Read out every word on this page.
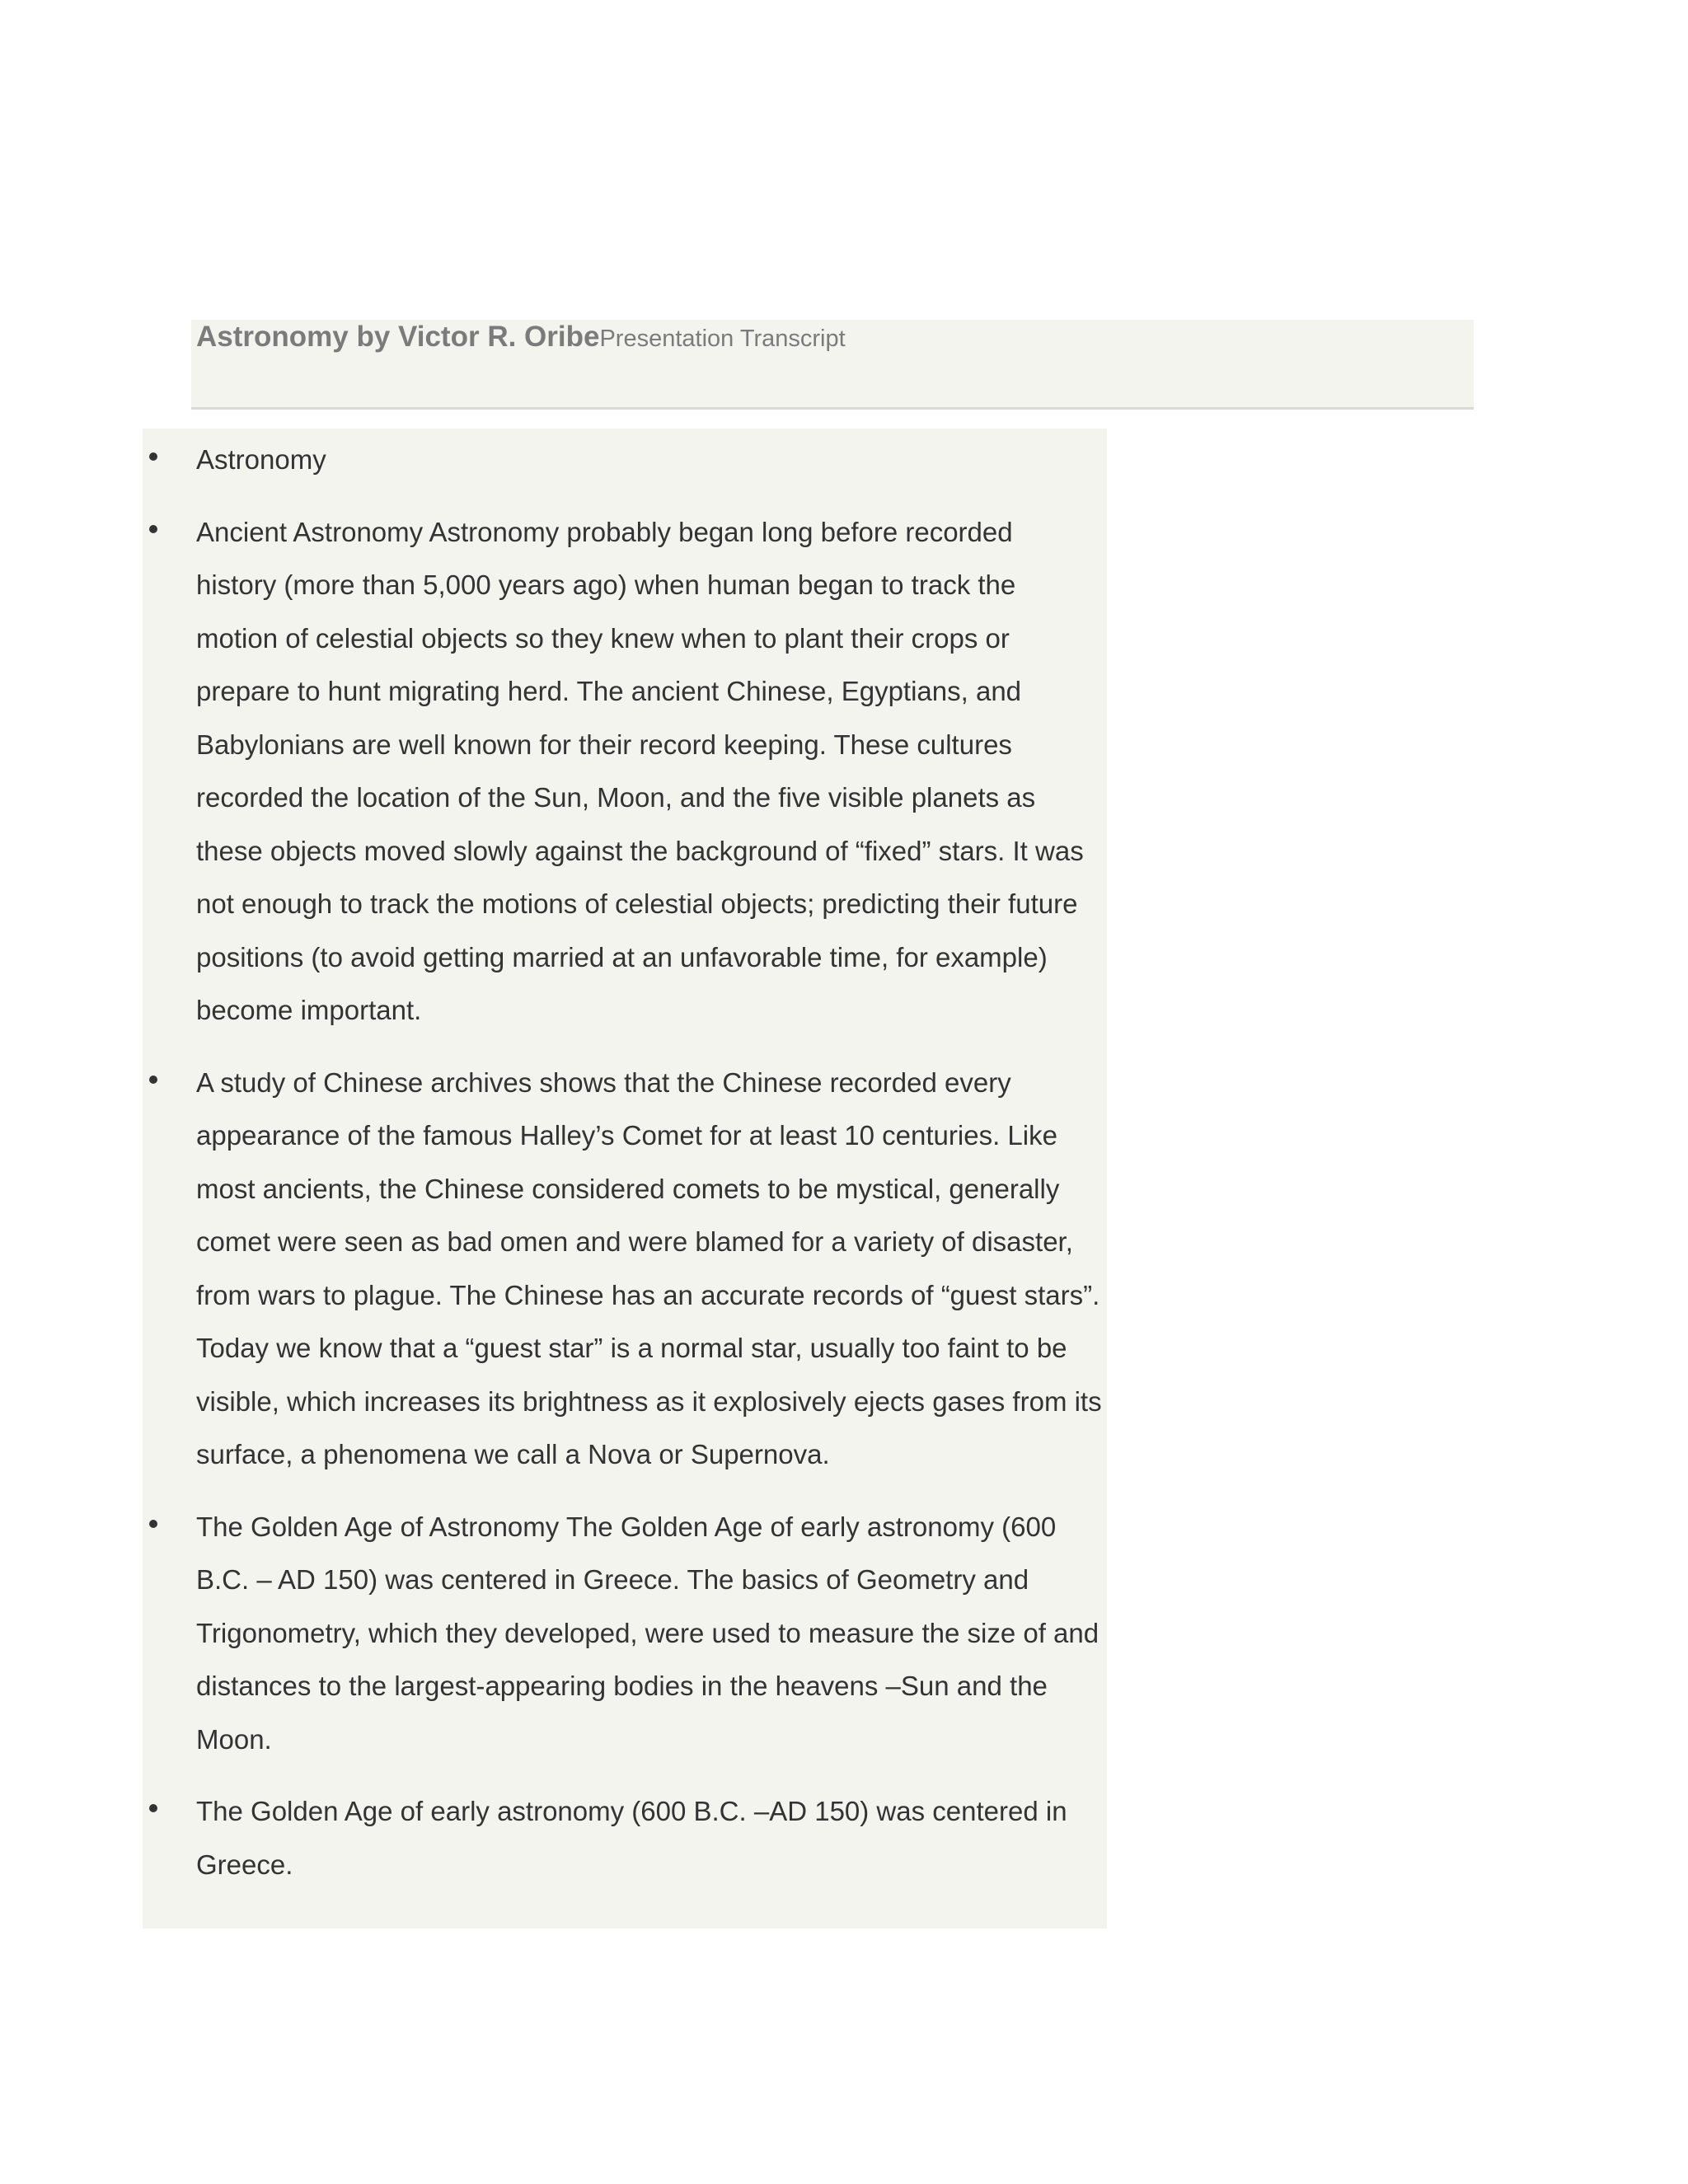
Astronomy by Victor R. OribePresentation Transcript
Astronomy
Ancient Astronomy Astronomy probably began long before recorded
history (more than 5,000 years ago) when human began to track the
motion of celestial objects so they knew when to plant their crops or
prepare to hunt migrating herd. The ancient Chinese, Egyptians, and
Babylonians are well known for their record keeping. These cultures
recorded the location of the Sun, Moon, and the five visible planets as
these objects moved slowly against the background of “fixed” stars. It was
not enough to track the motions of celestial objects; predicting their future
positions (to avoid getting married at an unfavorable time, for example)
become important.
A study of Chinese archives shows that the Chinese recorded every
appearance of the famous Halley’s Comet for at least 10 centuries. Like
most ancients, the Chinese considered comets to be mystical, generally
comet were seen as bad omen and were blamed for a variety of disaster,
from wars to plague. The Chinese has an accurate records of “guest stars”.
Today we know that a “guest star” is a normal star, usually too faint to be
visible, which increases its brightness as it explosively ejects gases from its
surface, a phenomena we call a Nova or Supernova.
The Golden Age of Astronomy The Golden Age of early astronomy (600
B.C. – AD 150) was centered in Greece. The basics of Geometry and
Trigonometry, which they developed, were used to measure the size of and
distances to the largest-appearing bodies in the heavens –Sun and the
Moon.
The Golden Age of early astronomy (600 B.C. –AD 150) was centered in
Greece.
